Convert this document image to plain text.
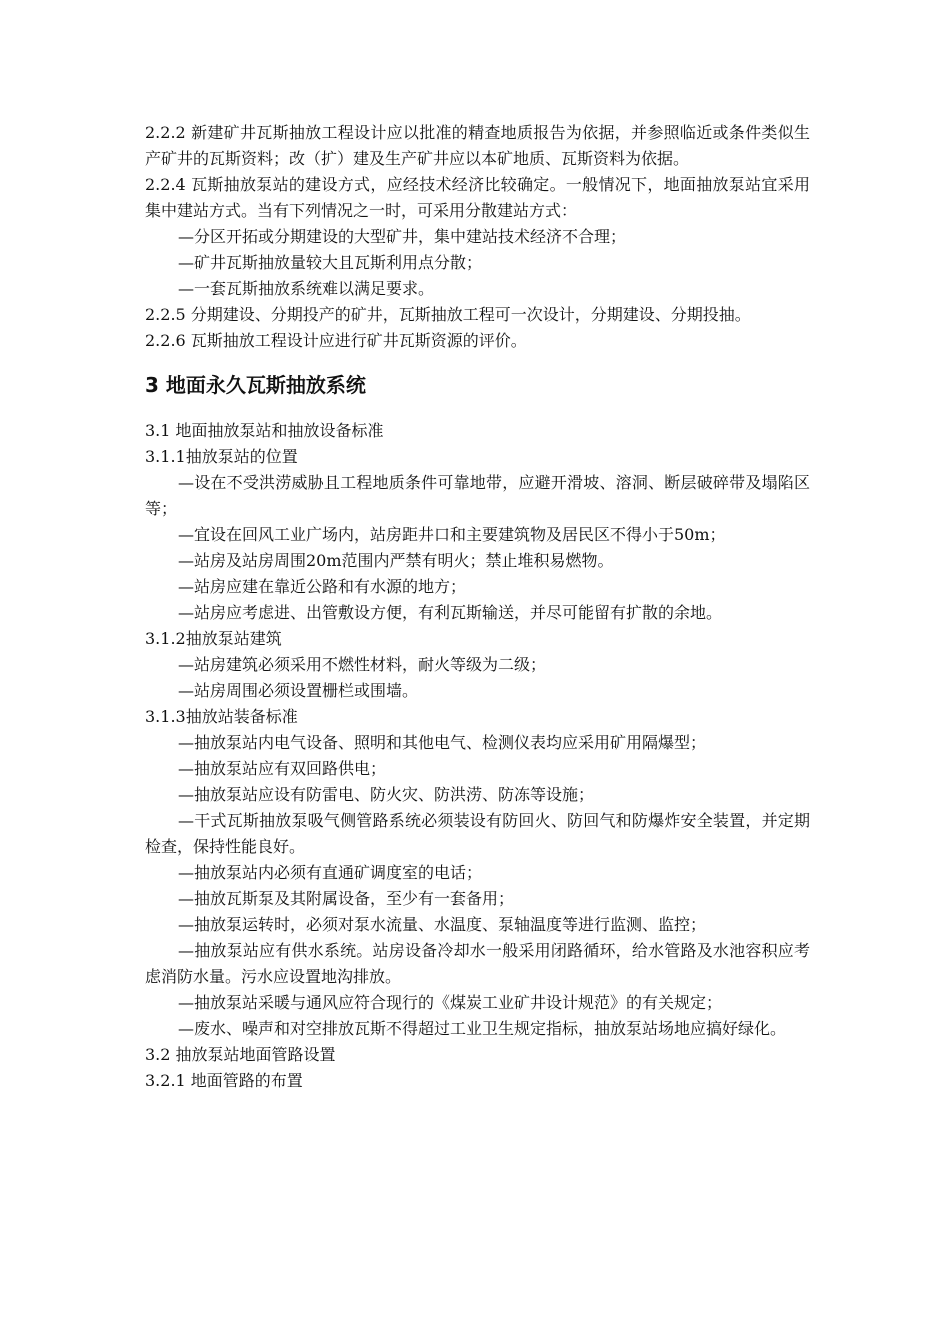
2.2.2 新建矿井瓦斯抽放工程设计应以批准的精查地质报告为依据，并参照临近或条件类似生产矿井的瓦斯资料；改（扩）建及生产矿井应以本矿地质、瓦斯资料为依据。

2.2.4 瓦斯抽放泵站的建设方式，应经技术经济比较确定。一般情况下，地面抽放泵站宜采用集中建站方式。当有下列情况之一时，可采用分散建站方式：

—分区开拓或分期建设的大型矿井，集中建站技术经济不合理；

—矿井瓦斯抽放量较大且瓦斯利用点分散；

—一套瓦斯抽放系统难以满足要求。

2.2.5 分期建设、分期投产的矿井，瓦斯抽放工程可一次设计，分期建设、分期投抽。

2.2.6 瓦斯抽放工程设计应进行矿井瓦斯资源的评价。

3 地面永久瓦斯抽放系统

3.1 地面抽放泵站和抽放设备标准

3.1.1抽放泵站的位置

—设在不受洪涝威胁且工程地质条件可靠地带，应避开滑坡、溶洞、断层破碎带及塌陷区等；

—宜设在回风工业广场内，站房距井口和主要建筑物及居民区不得小于50m；

—站房及站房周围20m范围内严禁有明火；禁止堆积易燃物。

—站房应建在靠近公路和有水源的地方；

—站房应考虑进、出管敷设方便，有利瓦斯输送，并尽可能留有扩散的余地。

3.1.2抽放泵站建筑

—站房建筑必须采用不燃性材料，耐火等级为二级；

—站房周围必须设置栅栏或围墙。

3.1.3抽放站装备标准

—抽放泵站内电气设备、照明和其他电气、检测仪表均应采用矿用隔爆型；

—抽放泵站应有双回路供电；

—抽放泵站应设有防雷电、防火灾、防洪涝、防冻等设施；

—干式瓦斯抽放泵吸气侧管路系统必须装设有防回火、防回气和防爆炸安全装置，并定期检查，保持性能良好。

—抽放泵站内必须有直通矿调度室的电话；

—抽放瓦斯泵及其附属设备，至少有一套备用；

—抽放泵运转时，必须对泵水流量、水温度、泵轴温度等进行监测、监控；

—抽放泵站应有供水系统。站房设备冷却水一般采用闭路循环，给水管路及水池容积应考虑消防水量。污水应设置地沟排放。

—抽放泵站采暖与通风应符合现行的《煤炭工业矿井设计规范》的有关规定；

—废水、噪声和对空排放瓦斯不得超过工业卫生规定指标，抽放泵站场地应搞好绿化。

3.2 抽放泵站地面管路设置

3.2.1 地面管路的布置
